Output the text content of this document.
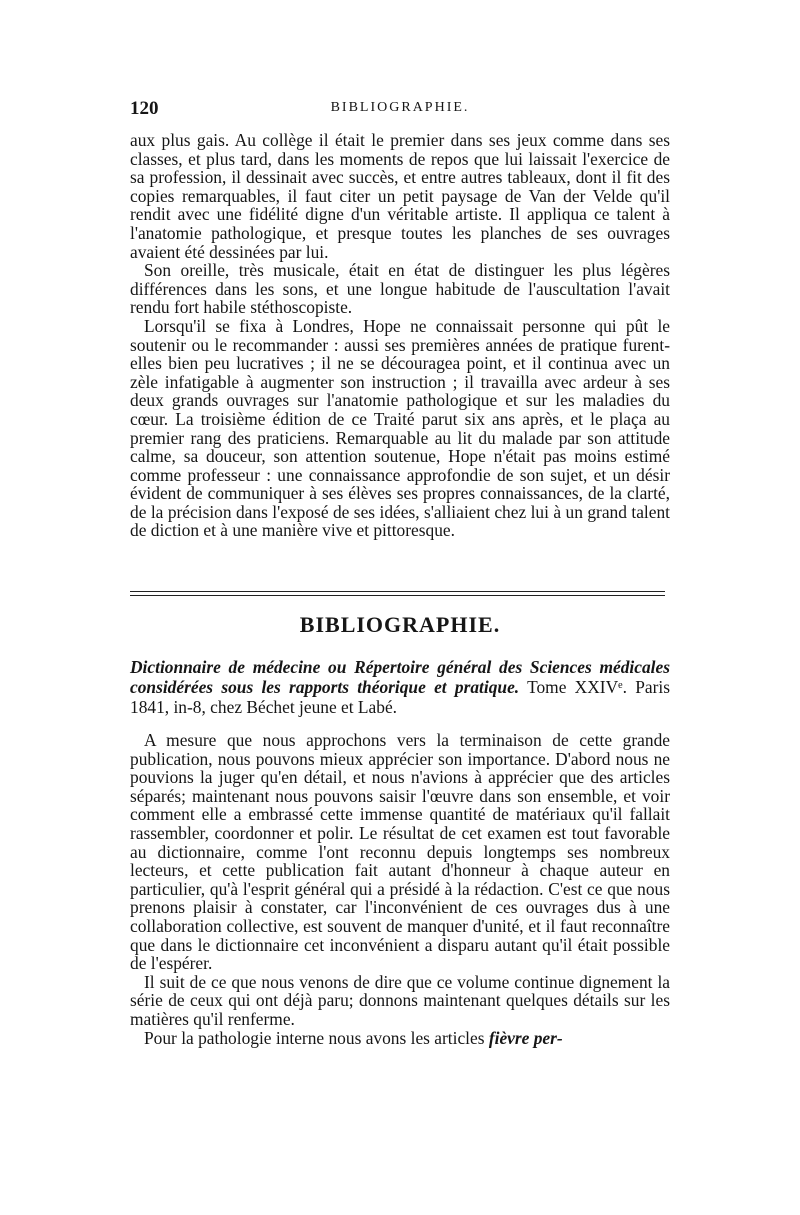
120	BIBLIOGRAPHIE.

aux plus gais. Au collège il était le premier dans ses jeux comme dans ses classes, et plus tard, dans les moments de repos que lui laissait l'exercice de sa profession, il dessinait avec succès, et entre autres tableaux, dont il fit des copies remarquables, il faut citer un petit paysage de Van der Velde qu'il rendit avec une fidélité digne d'un véritable artiste. Il appliqua ce talent à l'anatomie pathologique, et presque toutes les planches de ses ouvrages avaient été dessinées par lui.

Son oreille, très musicale, était en état de distinguer les plus légères différences dans les sons, et une longue habitude de l'auscultation l'avait rendu fort habile stéthoscopiste.

Lorsqu'il se fixa à Londres, Hope ne connaissait personne qui pût le soutenir ou le recommander : aussi ses premières années de pratique furent-elles bien peu lucratives ; il ne se découragea point, et il continua avec un zèle infatigable à augmenter son instruction ; il travailla avec ardeur à ses deux grands ouvrages sur l'anatomie pathologique et sur les maladies du cœur. La troisième édition de ce Traité parut six ans après, et le plaça au premier rang des praticiens. Remarquable au lit du malade par son attitude calme, sa douceur, son attention soutenue, Hope n'était pas moins estimé comme professeur : une connaissance approfondie de son sujet, et un désir évident de communiquer à ses élèves ses propres connaissances, de la clarté, de la précision dans l'exposé de ses idées, s'alliaient chez lui à un grand talent de diction et à une manière vive et pittoresque.

BIBLIOGRAPHIE.
Dictionnaire de médecine ou Répertoire général des Sciences médicales considérées sous les rapports théorique et pratique. Tome XXIVᵉ. Paris 1841, in-8, chez Béchet jeune et Labé.

A mesure que nous approchons vers la terminaison de cette grande publication, nous pouvons mieux apprécier son importance. D'abord nous ne pouvions la juger qu'en détail, et nous n'avions à apprécier que des articles séparés; maintenant nous pouvons saisir l'œuvre dans son ensemble, et voir comment elle a embrassé cette immense quantité de matériaux qu'il fallait rassembler, coordonner et polir. Le résultat de cet examen est tout favorable au dictionnaire, comme l'ont reconnu depuis longtemps ses nombreux lecteurs, et cette publication fait autant d'honneur à chaque auteur en particulier, qu'à l'esprit général qui a présidé à la rédaction. C'est ce que nous prenons plaisir à constater, car l'inconvénient de ces ouvrages dus à une collaboration collective, est souvent de manquer d'unité, et il faut reconnaître que dans le dictionnaire cet inconvénient a disparu autant qu'il était possible de l'espérer.

Il suit de ce que nous venons de dire que ce volume continue dignement la série de ceux qui ont déjà paru; donnons maintenant quelques détails sur les matières qu'il renferme.

Pour la pathologie interne nous avons les articles fièvre per-
